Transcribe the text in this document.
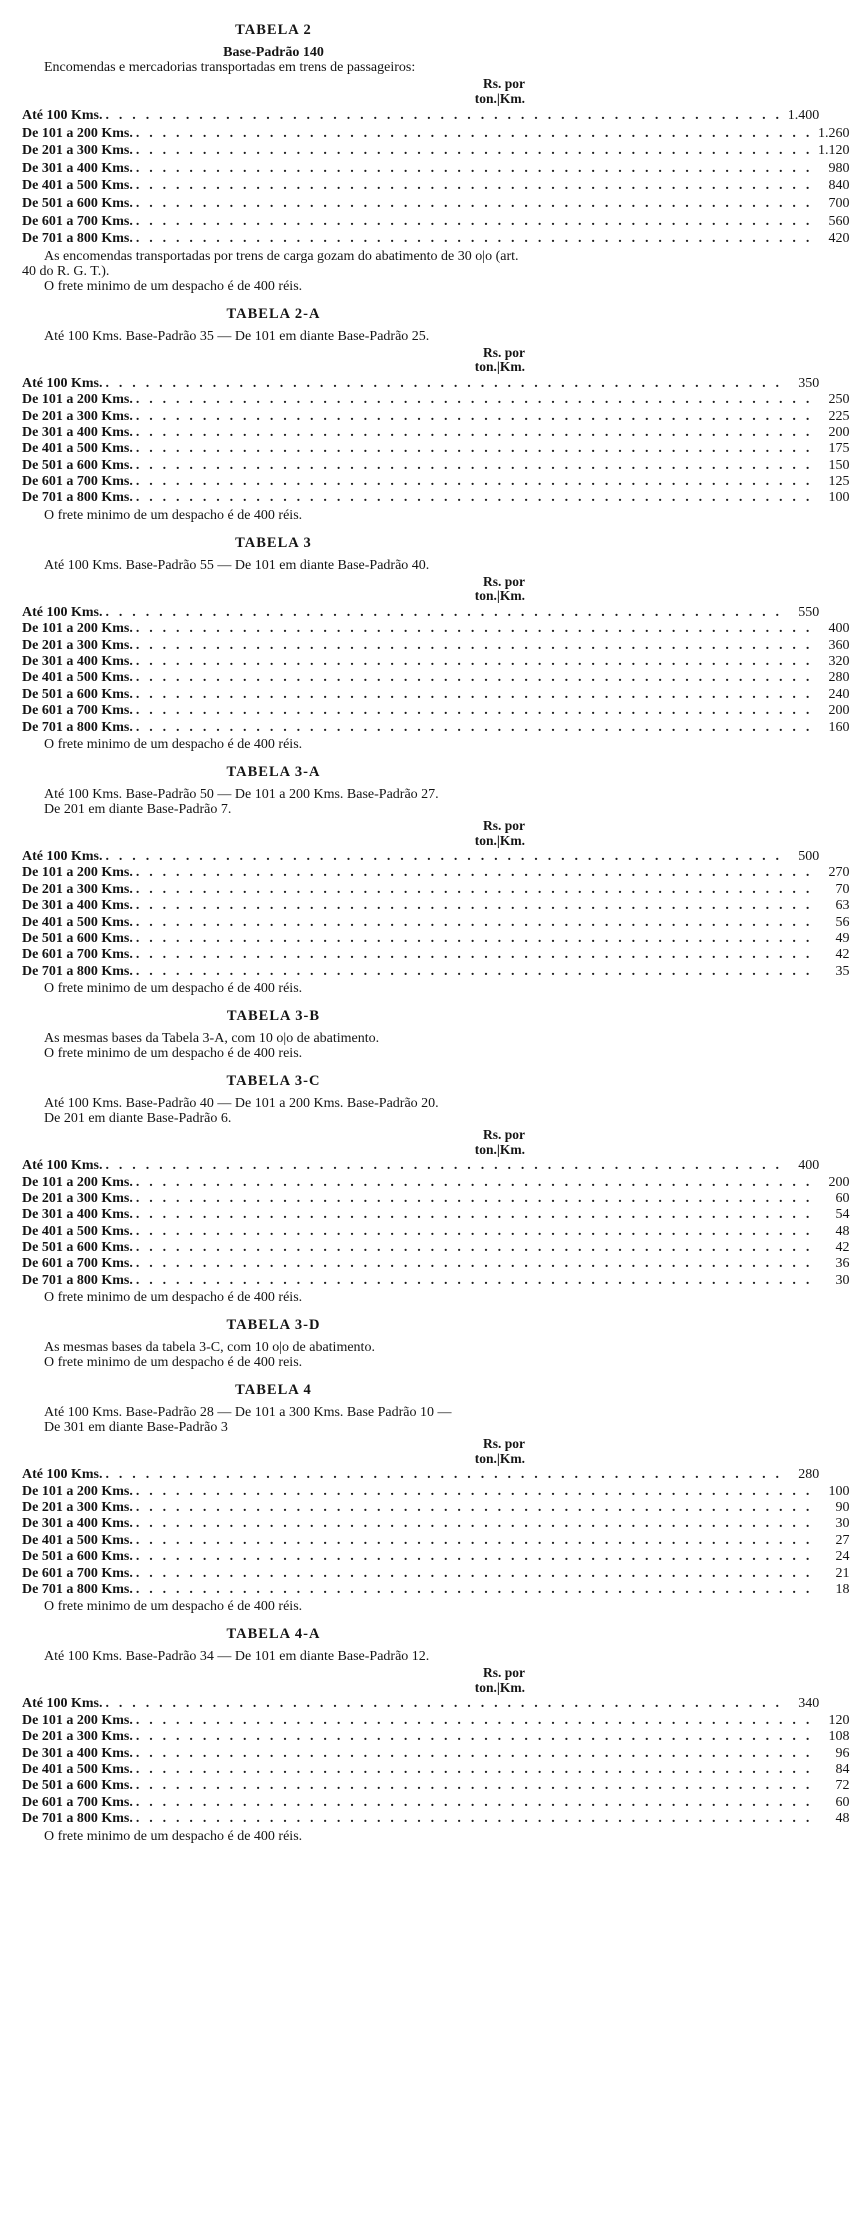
TABELA 2

Base-Padrão 140

Encomendas e mercadorias transportadas em trens de passageiros:

Rs. por
ton.|Km.
Até 100 Kms. . . . . . . . . . . . . . . . . . . . . . . . . . . . . . . . . . . . . . . . . . . . . . . . . . . . 1.400
De 101 a 200 Kms. . . . . . . . . . . . . . . . . . . . . . . . . . . . . . . . . . . . . . . . . . . . . . . . . . . . 1.260
De 201 a 300 Kms. . . . . . . . . . . . . . . . . . . . . . . . . . . . . . . . . . . . . . . . . . . . . . . . . . . . 1.120
De 301 a 400 Kms. . . . . . . . . . . . . . . . . . . . . . . . . . . . . . . . . . . . . . . . . . . . . . . . . . . .	980
De 401 a 500 Kms. . . . . . . . . . . . . . . . . . . . . . . . . . . . . . . . . . . . . . . . . . . . . . . . . . . .	840
De 501 a 600 Kms. . . . . . . . . . . . . . . . . . . . . . . . . . . . . . . . . . . . . . . . . . . . . . . . . . . .	700
De 601 a 700 Kms. . . . . . . . . . . . . . . . . . . . . . . . . . . . . . . . . . . . . . . . . . . . . . . . . . . .	560
De 701 a 800 Kms. . . . . . . . . . . . . . . . . . . . . . . . . . . . . . . . . . . . . . . . . . . . . . . . . . . .	420

As encomendas transportadas por trens de carga gozam do abatimento de 30 o|o (art. 40 do R. G. T.).

O frete minimo de um despacho é de 400 réis.

TABELA 2-A

Até 100 Kms. Base-Padrão 35 — De 101 em diante Base-Padrão 25.

Rs. por
ton.|Km.
Até 100 Kms. . . . . . . . . . . . . . . . . . . . . . . . . . . . . . . . . . . . . . . . . . . . . . . . . . . .	350
De 101 a 200 Kms. . . . . . . . . . . . . . . . . . . . . . . . . . . . . . . . . . . . . . . . . . . . . . . . . . . .	250
De 201 a 300 Kms. . . . . . . . . . . . . . . . . . . . . . . . . . . . . . . . . . . . . . . . . . . . . . . . . . . .	225
De 301 a 400 Kms. . . . . . . . . . . . . . . . . . . . . . . . . . . . . . . . . . . . . . . . . . . . . . . . . . . .	200
De 401 a 500 Kms. . . . . . . . . . . . . . . . . . . . . . . . . . . . . . . . . . . . . . . . . . . . . . . . . . . .	175
De 501 a 600 Kms. . . . . . . . . . . . . . . . . . . . . . . . . . . . . . . . . . . . . . . . . . . . . . . . . . . .	150
De 601 a 700 Kms. . . . . . . . . . . . . . . . . . . . . . . . . . . . . . . . . . . . . . . . . . . . . . . . . . . .	125
De 701 a 800 Kms. . . . . . . . . . . . . . . . . . . . . . . . . . . . . . . . . . . . . . . . . . . . . . . . . . . .	100

O frete minimo de um despacho é de 400 réis.

TABELA 3

Até 100 Kms. Base-Padrão 55 — De 101 em diante Base-Padrão 40.

Rs. por
ton.|Km.
Até 100 Kms. . . . . . . . . . . . . . . . . . . . . . . . . . . . . . . . . . . . . . . . . . . . . . . . . . . .	550
De 101 a 200 Kms. . . . . . . . . . . . . . . . . . . . . . . . . . . . . . . . . . . . . . . . . . . . . . . . . . . .	400
De 201 a 300 Kms. . . . . . . . . . . . . . . . . . . . . . . . . . . . . . . . . . . . . . . . . . . . . . . . . . . .	360
De 301 a 400 Kms. . . . . . . . . . . . . . . . . . . . . . . . . . . . . . . . . . . . . . . . . . . . . . . . . . . .	320
De 401 a 500 Kms. . . . . . . . . . . . . . . . . . . . . . . . . . . . . . . . . . . . . . . . . . . . . . . . . . . .	280
De 501 a 600 Kms. . . . . . . . . . . . . . . . . . . . . . . . . . . . . . . . . . . . . . . . . . . . . . . . . . . .	240
De 601 a 700 Kms. . . . . . . . . . . . . . . . . . . . . . . . . . . . . . . . . . . . . . . . . . . . . . . . . . . .	200
De 701 a 800 Kms. . . . . . . . . . . . . . . . . . . . . . . . . . . . . . . . . . . . . . . . . . . . . . . . . . . .	160

O frete minimo de um despacho é de 400 réis.

TABELA 3-A

Até 100 Kms. Base-Padrão 50 — De 101 a 200 Kms. Base-Padrão 27.

De 201 em diante Base-Padrão 7.

Rs. por
ton.|Km.
Até 100 Kms. . . . . . . . . . . . . . . . . . . . . . . . . . . . . . . . . . . . . . . . . . . . . . . . . . . .	500
De 101 a 200 Kms. . . . . . . . . . . . . . . . . . . . . . . . . . . . . . . . . . . . . . . . . . . . . . . . . . . .	270
De 201 a 300 Kms. . . . . . . . . . . . . . . . . . . . . . . . . . . . . . . . . . . . . . . . . . . . . . . . . . . .	70
De 301 a 400 Kms. . . . . . . . . . . . . . . . . . . . . . . . . . . . . . . . . . . . . . . . . . . . . . . . . . . .	63
De 401 a 500 Kms. . . . . . . . . . . . . . . . . . . . . . . . . . . . . . . . . . . . . . . . . . . . . . . . . . . .	56
De 501 a 600 Kms. . . . . . . . . . . . . . . . . . . . . . . . . . . . . . . . . . . . . . . . . . . . . . . . . . . .	49
De 601 a 700 Kms. . . . . . . . . . . . . . . . . . . . . . . . . . . . . . . . . . . . . . . . . . . . . . . . . . . .	42
De 701 a 800 Kms. . . . . . . . . . . . . . . . . . . . . . . . . . . . . . . . . . . . . . . . . . . . . . . . . . . .	35

O frete minimo de um despacho é de 400 réis.

TABELA 3-B

As mesmas bases da Tabela 3-A, com 10 o|o de abatimento.

O frete minimo de um despacho é de 400 reis.

TABELA 3-C

Até 100 Kms. Base-Padrão 40 — De 101 a 200 Kms. Base-Padrão 20.

De 201 em diante Base-Padrão 6.

Rs. por
ton.|Km.
Até 100 Kms. . . . . . . . . . . . . . . . . . . . . . . . . . . . . . . . . . . . . . . . . . . . . . . . . . . .	400
De 101 a 200 Kms. . . . . . . . . . . . . . . . . . . . . . . . . . . . . . . . . . . . . . . . . . . . . . . . . . . .	200
De 201 a 300 Kms. . . . . . . . . . . . . . . . . . . . . . . . . . . . . . . . . . . . . . . . . . . . . . . . . . . .	60
De 301 a 400 Kms. . . . . . . . . . . . . . . . . . . . . . . . . . . . . . . . . . . . . . . . . . . . . . . . . . . .	54
De 401 a 500 Kms. . . . . . . . . . . . . . . . . . . . . . . . . . . . . . . . . . . . . . . . . . . . . . . . . . . .	48
De 501 a 600 Kms. . . . . . . . . . . . . . . . . . . . . . . . . . . . . . . . . . . . . . . . . . . . . . . . . . . .	42
De 601 a 700 Kms. . . . . . . . . . . . . . . . . . . . . . . . . . . . . . . . . . . . . . . . . . . . . . . . . . . .	36
De 701 a 800 Kms. . . . . . . . . . . . . . . . . . . . . . . . . . . . . . . . . . . . . . . . . . . . . . . . . . . .	30

O frete minimo de um despacho é de 400 réis.

TABELA 3-D

As mesmas bases da tabela 3-C, com 10 o|o de abatimento.

O frete minimo de um despacho é de 400 reis.

TABELA 4

Até 100 Kms. Base-Padrão 28 — De 101 a 300 Kms. Base Padrão 10 —

De 301 em diante Base-Padrão 3

Rs. por
ton.|Km.
Até 100 Kms. . . . . . . . . . . . . . . . . . . . . . . . . . . . . . . . . . . . . . . . . . . . . . . . . . . .	280
De 101 a 200 Kms. . . . . . . . . . . . . . . . . . . . . . . . . . . . . . . . . . . . . . . . . . . . . . . . . . . .	100
De 201 a 300 Kms. . . . . . . . . . . . . . . . . . . . . . . . . . . . . . . . . . . . . . . . . . . . . . . . . . . .	90
De 301 a 400 Kms. . . . . . . . . . . . . . . . . . . . . . . . . . . . . . . . . . . . . . . . . . . . . . . . . . . .	30
De 401 a 500 Kms. . . . . . . . . . . . . . . . . . . . . . . . . . . . . . . . . . . . . . . . . . . . . . . . . . . .	27
De 501 a 600 Kms. . . . . . . . . . . . . . . . . . . . . . . . . . . . . . . . . . . . . . . . . . . . . . . . . . . .	24
De 601 a 700 Kms. . . . . . . . . . . . . . . . . . . . . . . . . . . . . . . . . . . . . . . . . . . . . . . . . . . .	21
De 701 a 800 Kms. . . . . . . . . . . . . . . . . . . . . . . . . . . . . . . . . . . . . . . . . . . . . . . . . . . .	18

O frete minimo de um despacho é de 400 réis.

TABELA 4-A

Até 100 Kms. Base-Padrão 34 — De 101 em diante Base-Padrão 12.

Rs. por
ton.|Km.
Até 100 Kms. . . . . . . . . . . . . . . . . . . . . . . . . . . . . . . . . . . . . . . . . . . . . . . . . . . .	340
De 101 a 200 Kms. . . . . . . . . . . . . . . . . . . . . . . . . . . . . . . . . . . . . . . . . . . . . . . . . . . .	120
De 201 a 300 Kms. . . . . . . . . . . . . . . . . . . . . . . . . . . . . . . . . . . . . . . . . . . . . . . . . . . .	108
De 301 a 400 Kms. . . . . . . . . . . . . . . . . . . . . . . . . . . . . . . . . . . . . . . . . . . . . . . . . . . .	96
De 401 a 500 Kms. . . . . . . . . . . . . . . . . . . . . . . . . . . . . . . . . . . . . . . . . . . . . . . . . . . .	84
De 501 a 600 Kms. . . . . . . . . . . . . . . . . . . . . . . . . . . . . . . . . . . . . . . . . . . . . . . . . . . .	72
De 601 a 700 Kms. . . . . . . . . . . . . . . . . . . . . . . . . . . . . . . . . . . . . . . . . . . . . . . . . . . .	60
De 701 a 800 Kms. . . . . . . . . . . . . . . . . . . . . . . . . . . . . . . . . . . . . . . . . . . . . . . . . . . .	48

O frete minimo de um despacho é de 400 réis.
